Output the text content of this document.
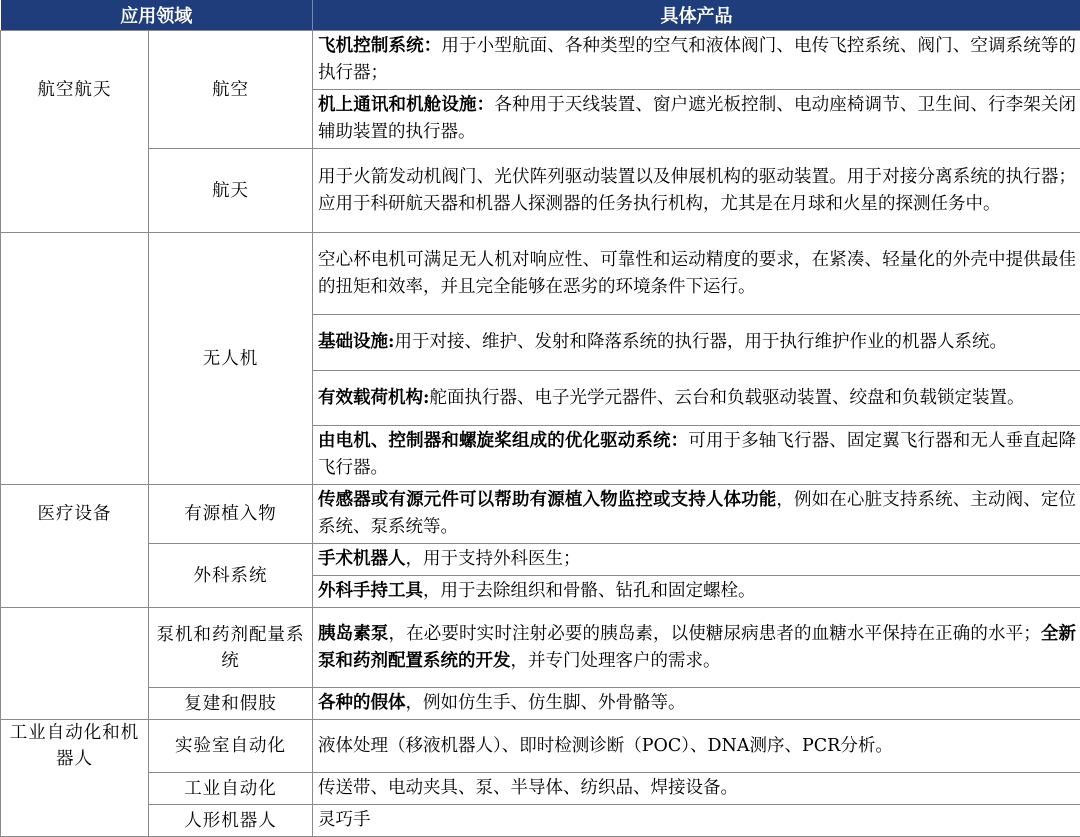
应用领域		具体产品
航空航天	航空	飞机控制系统：用于小型航面、各种类型的空气和液体阀门、电传飞控系统、阀门、空调系统等的执行器；
		机上通讯和机舱设施：各种用于天线装置、窗户遮光板控制、电动座椅调节、卫生间、行李架关闭辅助装置的执行器。
	航天	用于火箭发动机阀门、光伏阵列驱动装置以及伸展机构的驱动装置。用于对接分离系统的执行器；应用于科研航天器和机器人探测器的任务执行机构，尤其是在月球和火星的探测任务中。
	无人机	空心杯电机可满足无人机对响应性、可靠性和运动精度的要求，在紧凑、轻量化的外壳中提供最佳的扭矩和效率，并且完全能够在恶劣的环境条件下运行。
		基础设施:用于对接、维护、发射和降落系统的执行器，用于执行维护作业的机器人系统。
		有效载荷机构:舵面执行器、电子光学元器件、云台和负载驱动装置、绞盘和负载锁定装置。
		由电机、控制器和螺旋桨组成的优化驱动系统：可用于多轴飞行器、固定翼飞行器和无人垂直起降飞行器。
医疗设备	有源植入物	传感器或有源元件可以帮助有源植入物监控或支持人体功能，例如在心脏支持系统、主动阀、定位系统、泵系统等。
	外科系统	手术机器人，用于支持外科医生；
		外科手持工具，用于去除组织和骨骼、钻孔和固定螺栓。
	泵机和药剂配量系统	胰岛素泵，在必要时实时注射必要的胰岛素，以使糖尿病患者的血糖水平保持在正确的水平；全新泵和药剂配置系统的开发，并专门处理客户的需求。
	复建和假肢	各种的假体，例如仿生手、仿生脚、外骨骼等。
工业自动化和机器人	实验室自动化	液体处理（移液机器人）、即时检测诊断（POC）、DNA测序、PCR分析。
	工业自动化	传送带、电动夹具、泵、半导体、纺织品、焊接设备。
	人形机器人	灵巧手
